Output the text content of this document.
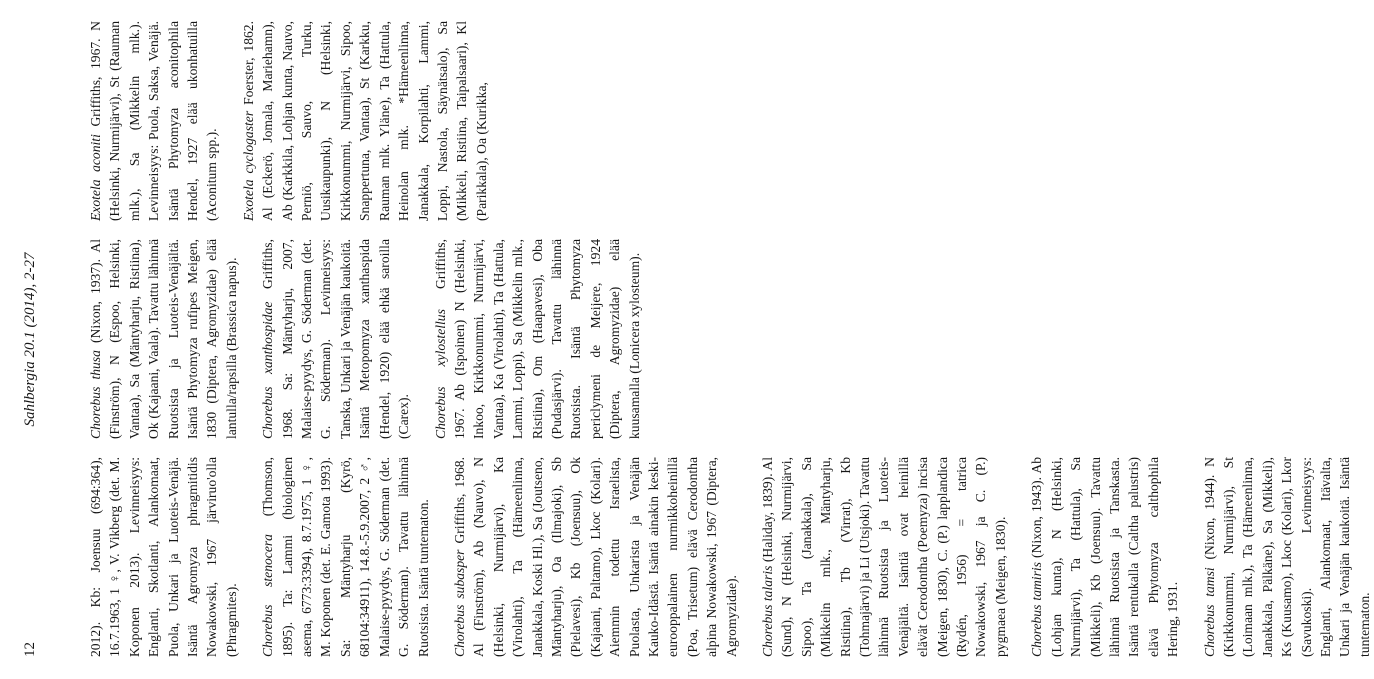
12
Sahlbergia 20.1 (2014), 2-27

2012). Kb: Joensuu (694:364), 16.7.1963, 1 ♀, V. Vikberg (det. M. Koponen 2013). Levinneisyys: Englanti, Skotlanti, Alankomaat, Puola, Unkari ja Luoteis-Venäjä. Isäntä Agromyza phragmitidis Nowakowski, 1967 järviruo'olla (Phragmites). Chorebus stenocera (Thomson, 1895). Ta: Lammi (biologinen asema, 6773:3394), 8.7.1975, 1 ♀, M. Koponen (det. E. Gamota 1993). Sa: Mäntyharju (Kyrö, 68104:34911), 14.8.-5.9.2007, 2 ♂, Malaise-pyydys, G. Söderman (det. G. Söderman). Tavattu lähinnä Ruotsista. Isäntä tuntematon. Chorebus subasper Griffiths, 1968. Al (Finström), Ab (Nauvo), N (Helsinki, Nurmijärvi), Ka (Virolahti), Ta (Hämeenlinna, Janakkala, Koski Hl.), Sa (Joutseno, Mäntyharju), Oa (Ilmajoki), Sb (Pielavesi), Kb (Joensuu), Ok (Kajaani, Paltamo), Lkoc (Kolari). Aiemmin todettu Israelista, Puolasta, Unkarista ja Venäjän Kauko-Idästä. Isäntä ainakin keski-eurooppalainen nurmikkoheinillä (Poa, Trisetum) elävä Cerodontha alpina Nowakowski, 1967 (Diptera, Agromyzidae). Chorebus talaris (Haliday, 1839). Al (Sund), N (Helsinki, Nurmijärvi, Sipoo), Ta (Janakkala), Sa (Mikkelin mlk., Mäntyharju, Ristiina), Tb (Virrat), Kb (Tohmajärvi) ja Li (Utsjoki). Tavattu lähinnä Ruotsista ja Luoteis-Venäjältä. Isäntiä ovat heinillä elävät Cerodontha (Poemyza) incisa (Meigen, 1830), C. (P.) lapplandica (Rydén, 1956) = tatrica Nowakowski, 1967 ja C. (P.) pygmaea (Meigen, 1830). Chorebus tamiris (Nixon, 1943). Ab (Lohjan kunta), N (Helsinki, Nurmijärvi), Ta (Hattula), Sa (Mikkeli), Kb (Joensuu). Tavattu lähinnä Ruotsista ja Tanskasta. Isäntä rentukalla (Caltha palustris) elävä Phytomyza calthophila Hering, 1931. Chorebus tamsi (Nixon, 1944). N (Kirkkonummi, Nurmijärvi), St (Loimaan mlk.), Ta (Hämeenlinna, Janakkala, Pälkäne), Sa (Mikkeli), Ks (Kuusamo), Lkoc (Kolari), Lkor (Savukoski). Levinneisyys: Englanti, Alankomaat, Itävalta, Unkari ja Venäjän kaukoitä. Isäntä tuntematon.

Chorebus thusa (Nixon, 1937). Al (Finström), N (Espoo, Helsinki, Vantaa), Sa (Mäntyharju, Ristiina), Ok (Kajaani, Vaala). Tavattu lähinnä Ruotsista ja Luoteis-Venäjältä. Isäntä Phytomyza rufipes Meigen, 1830 (Diptera, Agromyzidae) elää lantulla/rapsilla (Brassica napus). Chorebus xanthospidae Griffiths, 1968. Sa: Mäntyharju, 2007, Malaise-pyydys, G. Söderman (det. G. Söderman). Levinneisyys: Tanska, Unkari ja Venäjän kaukoitä. Isäntä Metopomyza xanthaspida (Hendel, 1920) elää ehkä saroilla (Carex). Chorebus xylostellus Griffiths, 1967. Ab (Ispoinen) N (Helsinki, Inkoo, Kirkkonummi, Nurmijärvi, Vantaa), Ka (Virolahti), Ta (Hattula, Lammi, Loppi), Sa (Mikkelin mlk., Ristiina), Om (Haapavesi), Oba (Pudasjärvi). Tavattu lähinnä Ruotsista. Isäntä Phytomyza periclymeni de Meijere, 1924 (Diptera, Agromyzidae) elää kuusamalla (Lonicera xylosteum).

Exotela aconiti Griffiths, 1967. N (Helsinki, Nurmijärvi), St (Rauman mlk.), Sa (Mikkelin mlk.). Levinneisyys: Puola, Saksa, Venäjä. Isäntä Phytomyza aconitophila Hendel, 1927 elää ukonhatuilla (Aconitum spp.). Exotela cyclogaster Foerster, 1862. Al (Eckerö, Jomala, Mariehamn), Ab (Karkkila, Lohjan kunta, Nauvo, Perniö, Sauvo, Turku, Uusikaupunki), N (Helsinki, Kirkkonummi, Nurmijärvi, Sipoo, Snappertuna, Vantaa), St (Karkku, Rauman mlk. Yläne), Ta (Hattula, Heinolan mlk. *Hämeenlinna, Janakkala, Korpilahti, Lammi, Loppi, Nastola, Säynätsalo), Sa (Mikkeli, Ristiina, Taipalsaari), Kl (Parikkala), Oa (Kurikka,
